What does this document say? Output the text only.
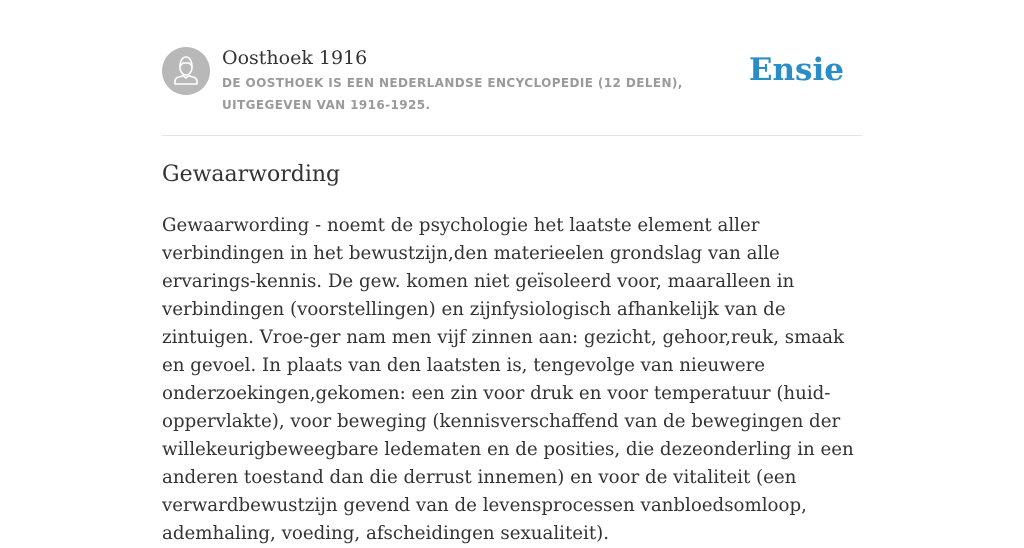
Oosthoek 1916
DE OOSTHOEK IS EEN NEDERLANDSE ENCYCLOPEDIE (12 DELEN), UITGEGEVEN VAN 1916-1925.
Ensie
Gewaarwording

Gewaarwording - noemt de psychologie het laatste element aller verbindingen in het bewustzijn,den materieelen grondslag van alle ervarings-kennis. De gew. komen niet geïsoleerd voor, maaralleen in verbindingen (voorstellingen) en zijnfysiologisch afhankelijk van de zintuigen. Vroe-ger nam men vijf zinnen aan: gezicht, gehoor,reuk, smaak en gevoel. In plaats van den laatsten is, tengevolge van nieuwere onderzoekingen,gekomen: een zin voor druk en voor temperatuur (huid-oppervlakte), voor beweging (kennisverschaffend van de bewegingen der willekeurigbeweegbare ledematen en de posities, die dezeonderling in een anderen toestand dan die derrust innemen) en voor de vitaliteit (een verwardbewustzijn gevend van de levensprocessen vanbloedsomloop, ademhaling, voeding, afscheidingen sexualiteit).
